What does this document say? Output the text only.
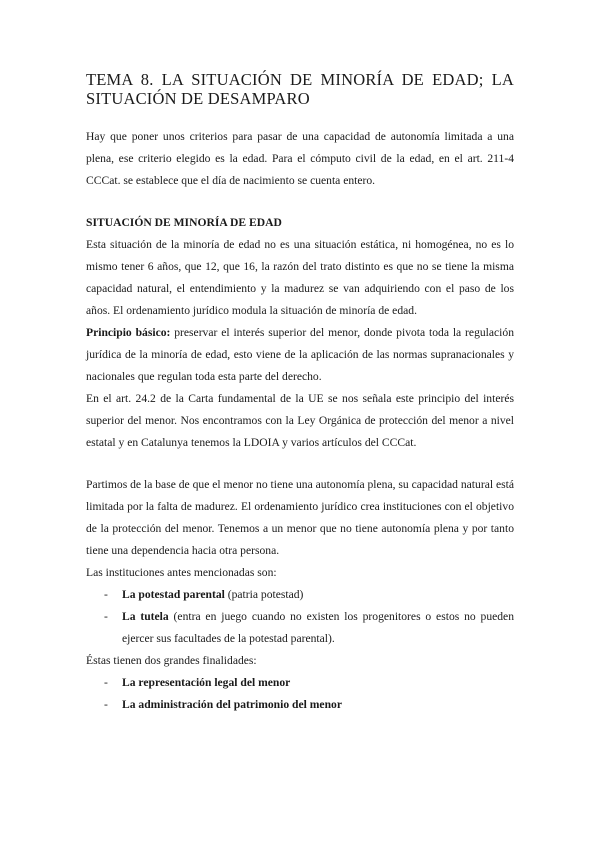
TEMA 8. LA SITUACIÓN DE MINORÍA DE EDAD; LA SITUACIÓN DE DESAMPARO

Hay que poner unos criterios para pasar de una capacidad de autonomía limitada a una plena, ese criterio elegido es la edad. Para el cómputo civil de la edad, en el art. 211-4 CCCat. se establece que el día de nacimiento se cuenta entero.

SITUACIÓN DE MINORÍA DE EDAD

Esta situación de la minoría de edad no es una situación estática, ni homogénea, no es lo mismo tener 6 años, que 12, que 16, la razón del trato distinto es que no se tiene la misma capacidad natural, el entendimiento y la madurez se van adquiriendo con el paso de los años. El ordenamiento jurídico modula la situación de minoría de edad.

Principio básico: preservar el interés superior del menor, donde pivota toda la regulación jurídica de la minoría de edad, esto viene de la aplicación de las normas supranacionales y nacionales que regulan toda esta parte del derecho.

En el art. 24.2 de la Carta fundamental de la UE se nos señala este principio del interés superior del menor. Nos encontramos con la Ley Orgánica de protección del menor a nivel estatal y en Catalunya tenemos la LDOIA y varios artículos del CCCat.

Partimos de la base de que el menor no tiene una autonomía plena, su capacidad natural está limitada por la falta de madurez. El ordenamiento jurídico crea instituciones con el objetivo de la protección del menor. Tenemos a un menor que no tiene autonomía plena y por tanto tiene una dependencia hacia otra persona.

Las instituciones antes mencionadas son:

- La potestad parental (patria potestad)
- La tutela (entra en juego cuando no existen los progenitores o estos no pueden ejercer sus facultades de la potestad parental).

Éstas tienen dos grandes finalidades:

- La representación legal del menor
- La administración del patrimonio del menor
